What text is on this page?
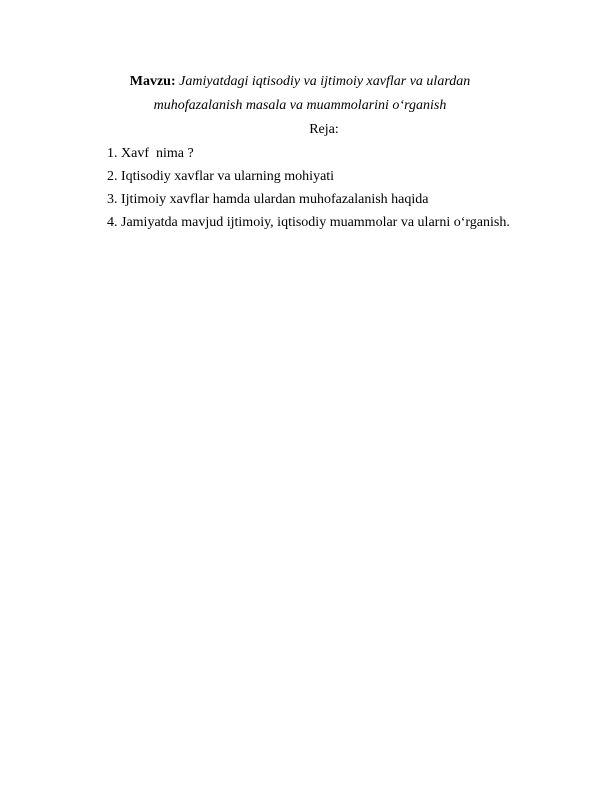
Mavzu: Jamiyatdagi iqtisodiy va ijtimoiy xavflar va ulardan
muhofazalanish masala va muammolarini o‘rganish
Reja:
1. Xavf  nima ?
2. Iqtisodiy xavflar va ularning mohiyati
3. Ijtimoiy xavflar hamda ulardan muhofazalanish haqida
4. Jamiyatda mavjud ijtimoiy, iqtisodiy muammolar va ularni o‘rganish.
